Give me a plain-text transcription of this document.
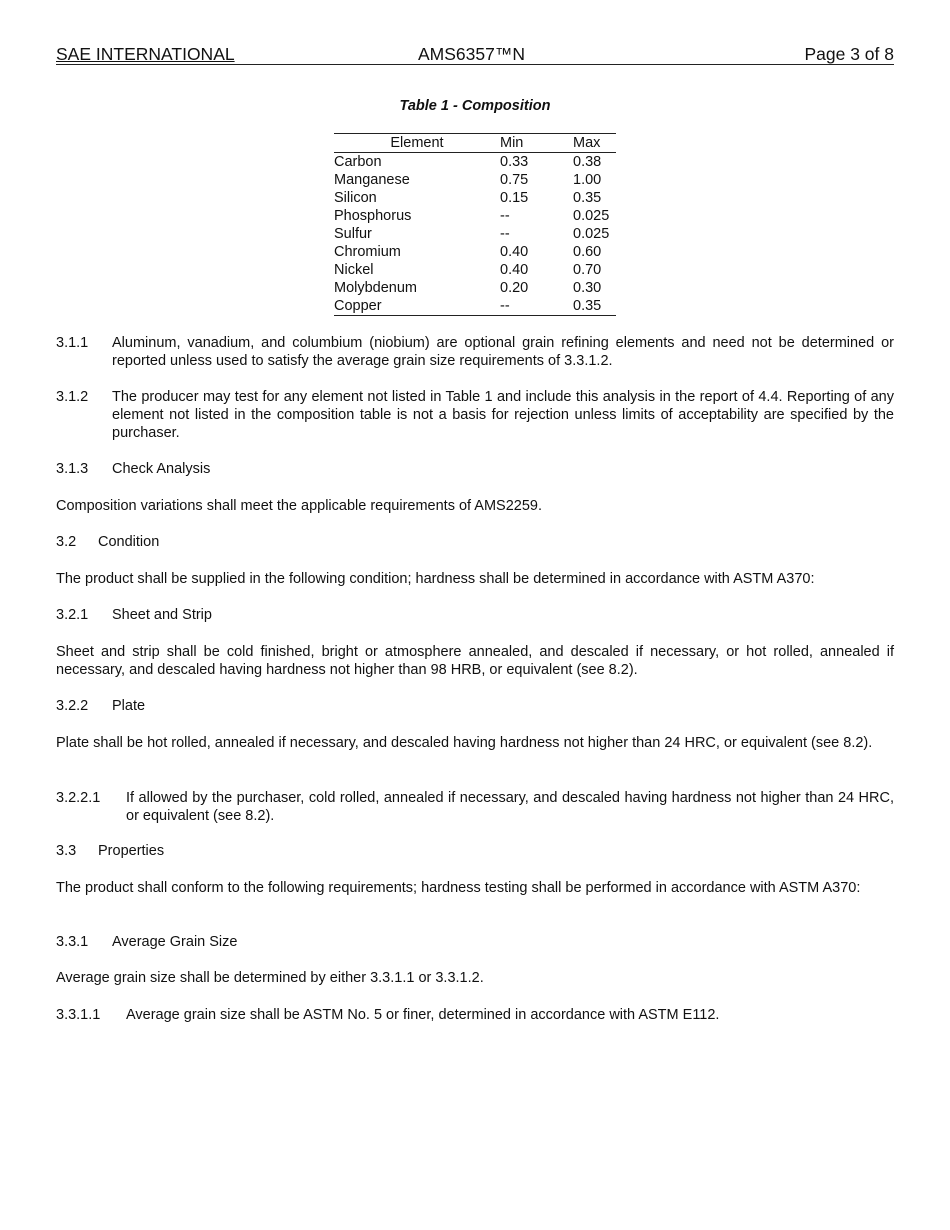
SAE INTERNATIONAL	AMS6357™N	Page 3 of 8
Table 1 - Composition
Element	Min	Max
Carbon	0.33	0.38
Manganese	0.75	1.00
Silicon	0.15	0.35
Phosphorus	--	0.025
Sulfur	--	0.025
Chromium	0.40	0.60
Nickel	0.40	0.70
Molybdenum	0.20	0.30
Copper	--	0.35
3.1.1 Aluminum, vanadium, and columbium (niobium) are optional grain refining elements and need not be determined or reported unless used to satisfy the average grain size requirements of 3.3.1.2.
3.1.2 The producer may test for any element not listed in Table 1 and include this analysis in the report of 4.4. Reporting of any element not listed in the composition table is not a basis for rejection unless limits of acceptability are specified by the purchaser.
3.1.3 Check Analysis
Composition variations shall meet the applicable requirements of AMS2259.
3.2 Condition
The product shall be supplied in the following condition; hardness shall be determined in accordance with ASTM A370:
3.2.1 Sheet and Strip
Sheet and strip shall be cold finished, bright or atmosphere annealed, and descaled if necessary, or hot rolled, annealed if necessary, and descaled having hardness not higher than 98 HRB, or equivalent (see 8.2).
3.2.2 Plate
Plate shall be hot rolled, annealed if necessary, and descaled having hardness not higher than 24 HRC, or equivalent (see 8.2).
3.2.2.1 If allowed by the purchaser, cold rolled, annealed if necessary, and descaled having hardness not higher than 24 HRC, or equivalent (see 8.2).
3.3 Properties
The product shall conform to the following requirements; hardness testing shall be performed in accordance with ASTM A370:
3.3.1 Average Grain Size
Average grain size shall be determined by either 3.3.1.1 or 3.3.1.2.
3.3.1.1 Average grain size shall be ASTM No. 5 or finer, determined in accordance with ASTM E112.
